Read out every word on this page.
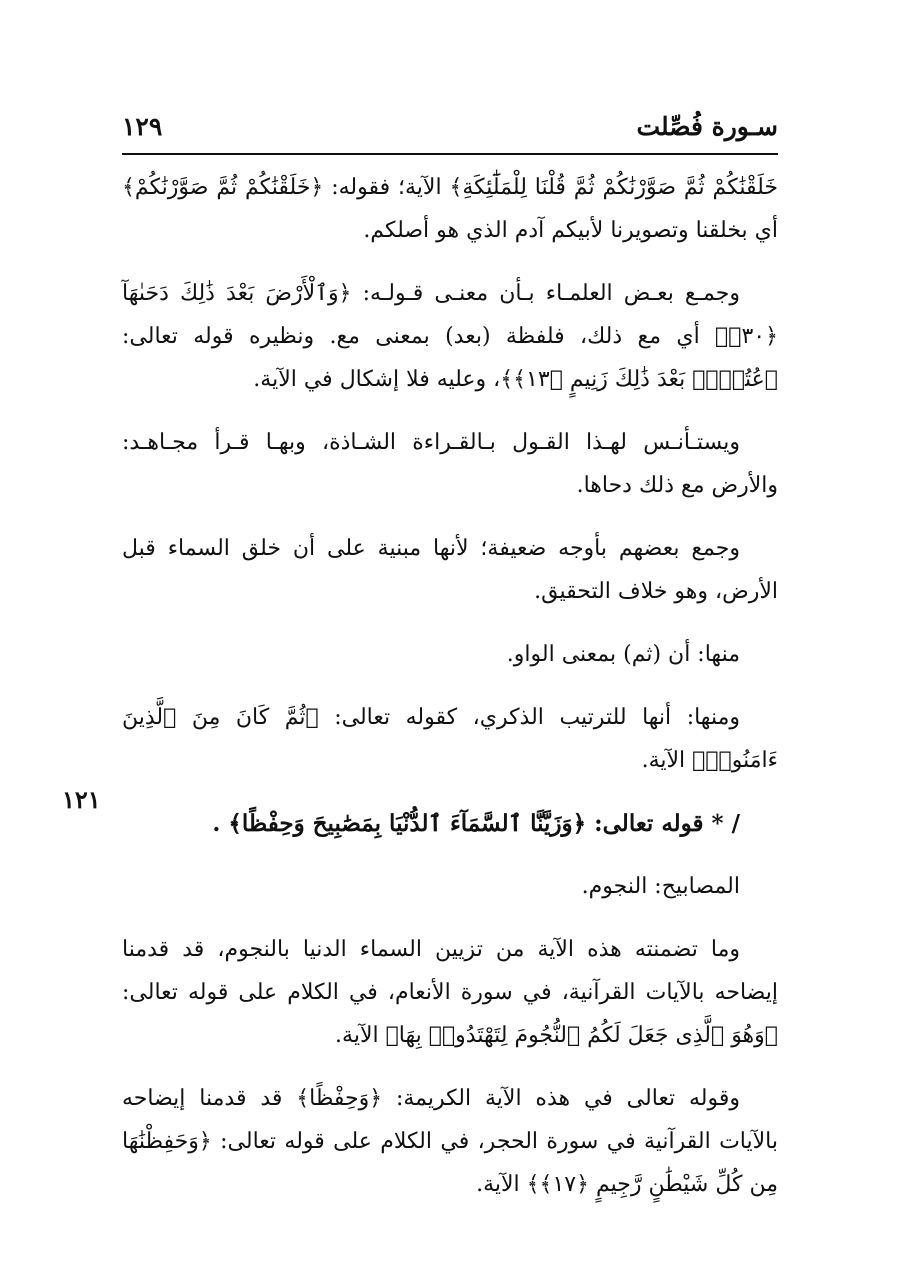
سـورة فُصِّلت
١٢٩

خَلَقْنَٰكُمْ ثُمَّ صَوَّرْنَٰكُمْ ثُمَّ قُلْنَا لِلْمَلَٰٓئِكَةِ﴾ الآية؛ فقوله: ﴿خَلَقْنَٰكُمْ ثُمَّ صَوَّرْنَٰكُمْ﴾ أي بخلقنا وتصويرنا لأبيكم آدم الذي هو أصلكم.

وجمـع بعـض العلمـاء بـأن معنـى قـولـه: ﴿وَٱلْأَرْضَ بَعْدَ ذَٰلِكَ دَحَىٰهَآ ﴿٣٠﴾﴾ أي مع ذلك، فلفظة (بعد) بمعنى مع. ونظيره قوله تعالى: ﴿عُتُلٍّۭ بَعْدَ ذَٰلِكَ زَنِيمٍ ﴿١٣﴾﴾، وعليه فلا إشكال في الآية.

ويستـأنـس لهـذا القـول بـالقـراءة الشـاذة، وبهـا قـرأ مجـاهـد: والأرض مع ذلك دحاها.

وجمع بعضهم بأوجه ضعيفة؛ لأنها مبنية على أن خلق السماء قبل الأرض، وهو خلاف التحقيق.

منها: أن (ثم) بمعنى الواو.

ومنها: أنها للترتيب الذكري، كقوله تعالى: ﴿ثُمَّ كَانَ مِنَ ٱلَّذِينَ ءَامَنُوا۟﴾ الآية.

/ * قوله تعالى: ﴿وَزَيَّنَّا ٱلسَّمَآءَ ٱلدُّنْيَا بِمَصَٰبِيحَ وَحِفْظًا﴾ .

المصابيح: النجوم.

وما تضمنته هذه الآية من تزيين السماء الدنيا بالنجوم، قد قدمنا إيضاحه بالآيات القرآنية، في سورة الأنعام، في الكلام على قوله تعالى: ﴿وَهُوَ ٱلَّذِى جَعَلَ لَكُمُ ٱلنُّجُومَ لِتَهْتَدُوا۟ بِهَا﴾ الآية.

وقوله تعالى في هذه الآية الكريمة: ﴿وَحِفْظًا﴾ قد قدمنا إيضاحه بالآيات القرآنية في سورة الحجر، في الكلام على قوله تعالى: ﴿وَحَفِظْنَٰهَا مِن كُلِّ شَيْطَٰنٍ رَّجِيمٍ ﴿١٧﴾﴾ الآية.

١٢١
